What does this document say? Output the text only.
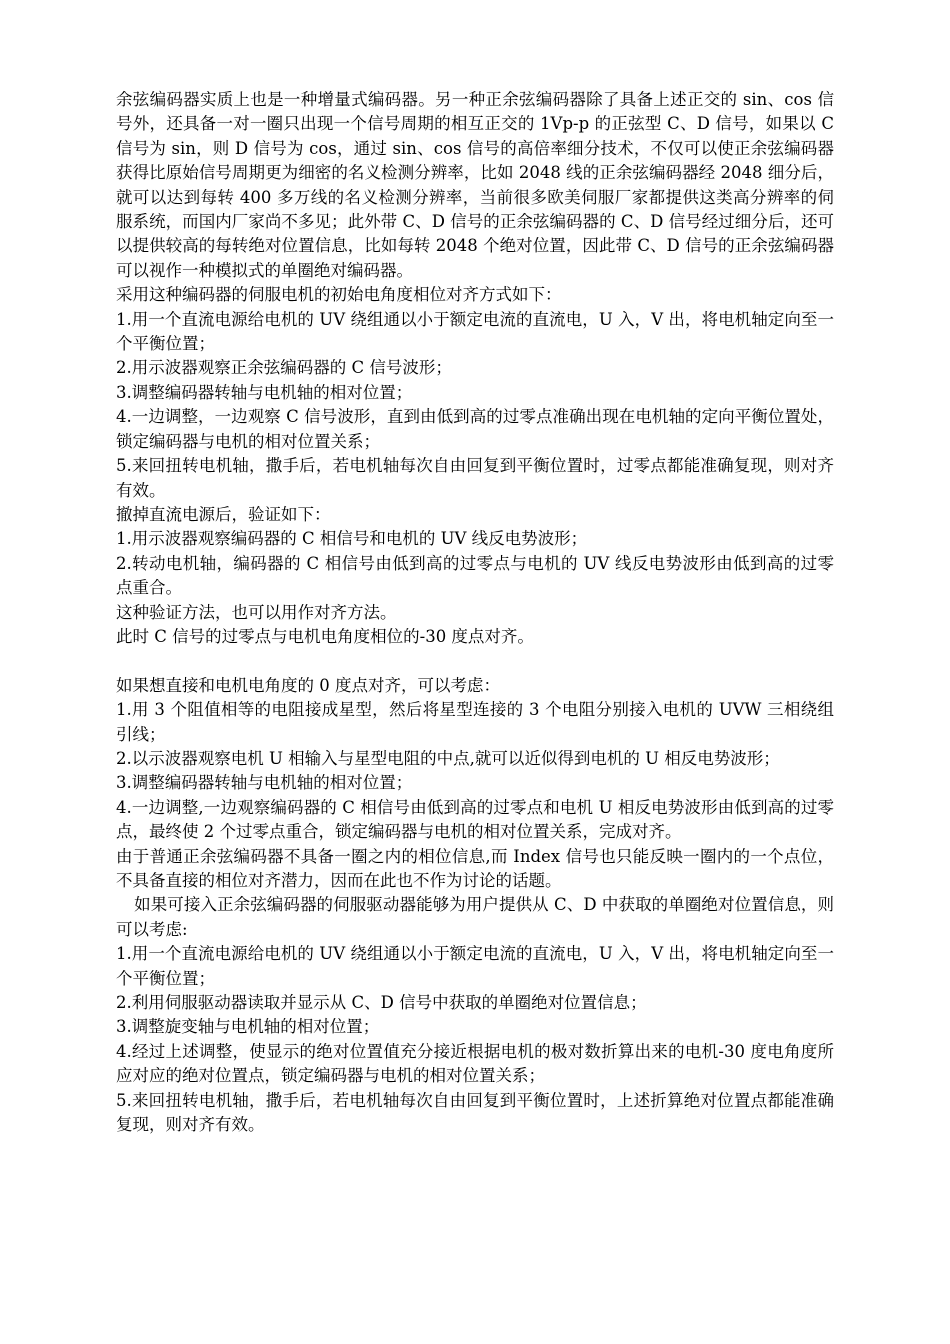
余弦编码器实质上也是一种增量式编码器。另一种正余弦编码器除了具备上述正交的 sin、cos 信号外，还具备一对一圈只出现一个信号周期的相互正交的 1Vp-p 的正弦型 C、D 信号，如果以 C 信号为 sin，则 D 信号为 cos，通过 sin、cos 信号的高倍率细分技术，不仅可以使正余弦编码器获得比原始信号周期更为细密的名义检测分辨率，比如 2048 线的正余弦编码器经 2048 细分后，就可以达到每转 400 多万线的名义检测分辨率，当前很多欧美伺服厂家都提供这类高分辨率的伺服系统，而国内厂家尚不多见；此外带 C、D 信号的正余弦编码器的 C、D 信号经过细分后，还可以提供较高的每转绝对位置信息，比如每转 2048 个绝对位置，因此带 C、D 信号的正余弦编码器可以视作一种模拟式的单圈绝对编码器。

采用这种编码器的伺服电机的初始电角度相位对齐方式如下：

1.用一个直流电源给电机的 UV 绕组通以小于额定电流的直流电，U 入，V 出，将电机轴定向至一个平衡位置；

2.用示波器观察正余弦编码器的 C 信号波形；

3.调整编码器转轴与电机轴的相对位置；

4.一边调整，一边观察 C 信号波形，直到由低到高的过零点准确出现在电机轴的定向平衡位置处，锁定编码器与电机的相对位置关系；

5.来回扭转电机轴，撒手后，若电机轴每次自由回复到平衡位置时，过零点都能准确复现，则对齐有效。

撤掉直流电源后，验证如下：

1.用示波器观察编码器的 C 相信号和电机的 UV 线反电势波形；

2.转动电机轴，编码器的 C 相信号由低到高的过零点与电机的 UV 线反电势波形由低到高的过零点重合。

这种验证方法，也可以用作对齐方法。

此时 C 信号的过零点与电机电角度相位的-30 度点对齐。

如果想直接和电机电角度的 0 度点对齐，可以考虑：

1.用 3 个阻值相等的电阻接成星型，然后将星型连接的 3 个电阻分别接入电机的 UVW 三相绕组引线；

2.以示波器观察电机 U 相输入与星型电阻的中点,就可以近似得到电机的 U 相反电势波形；

3.调整编码器转轴与电机轴的相对位置；

4.一边调整,一边观察编码器的 C 相信号由低到高的过零点和电机 U 相反电势波形由低到高的过零点，最终使 2 个过零点重合，锁定编码器与电机的相对位置关系，完成对齐。

由于普通正余弦编码器不具备一圈之内的相位信息,而 Index 信号也只能反映一圈内的一个点位，不具备直接的相位对齐潜力，因而在此也不作为讨论的话题。

如果可接入正余弦编码器的伺服驱动器能够为用户提供从 C、D 中获取的单圈绝对位置信息，则可以考虑:

1.用一个直流电源给电机的 UV 绕组通以小于额定电流的直流电，U 入，V 出，将电机轴定向至一个平衡位置；

2.利用伺服驱动器读取并显示从 C、D 信号中获取的单圈绝对位置信息；

3.调整旋变轴与电机轴的相对位置；

4.经过上述调整，使显示的绝对位置值充分接近根据电机的极对数折算出来的电机-30 度电角度所应对应的绝对位置点，锁定编码器与电机的相对位置关系；

5.来回扭转电机轴，撒手后，若电机轴每次自由回复到平衡位置时，上述折算绝对位置点都能准确复现，则对齐有效。
